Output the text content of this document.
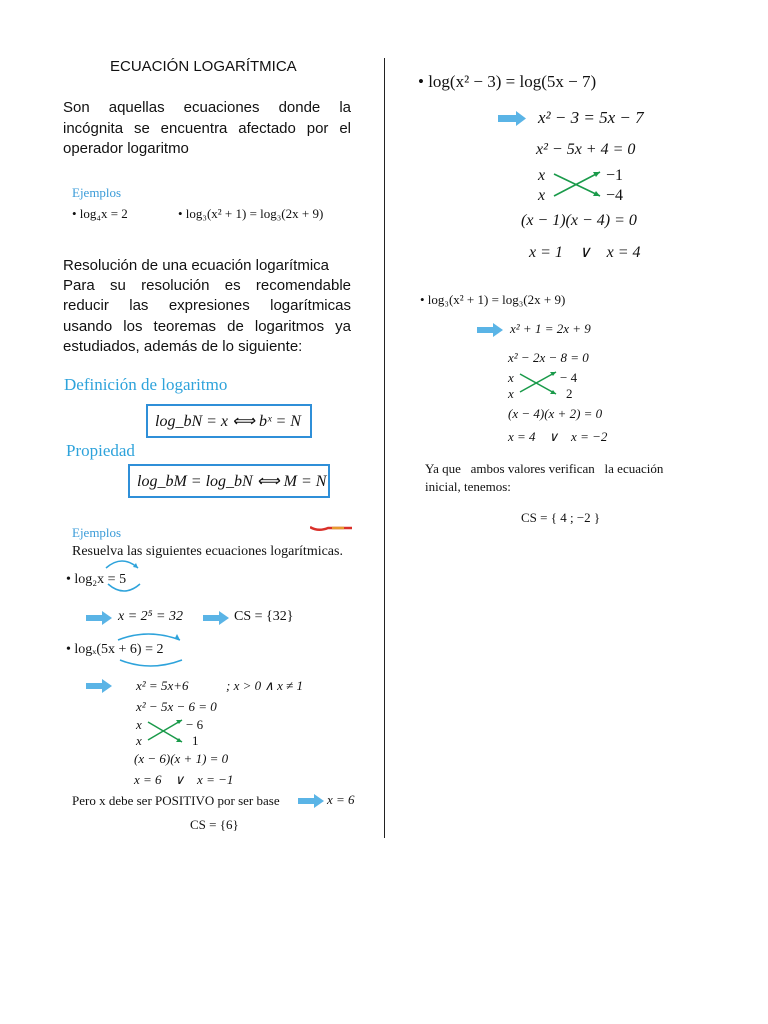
ECUACIÓN LOGARÍTMICA
Son aquellas ecuaciones donde la
incógnita se encuentra afectado por el
operador logaritmo
Ejemplos
• log₄x = 2	• log₃(x² + 1) = log₃(2x + 9)
Resolución de una ecuación logarítmica
Para su resolución es recomendable
reducir las expresiones logarítmicas
usando los teoremas de logaritmos ya
estudiados, además de lo siguiente:
Definición de logaritmo
log_bN = x ⟺ bˣ = N
Propiedad
log_bM = log_bN ⟺ M = N
Ejemplos
Resuelva las siguientes ecuaciones logarítmicas.
• log₂x = 5
x = 2⁵ = 32	CS = {32}
• logₓ(5x + 6) = 2
x² = 5x+6	; x > 0 ∧ x ≠ 1
x² − 5x − 6 = 0
x	− 6
x	1
(x − 6)(x + 1) = 0
x = 6    ∨    x = −1
Pero x debe ser POSITIVO por ser base	x = 6
CS = {6}
• log(x² − 3) = log(5x − 7)
x² − 3 = 5x − 7
x² − 5x + 4 = 0
x	−1
x	−4
(x − 1)(x − 4) = 0
x = 1    ∨    x = 4
• log₃(x² + 1) = log₃(2x + 9)
x² + 1 = 2x + 9
x² − 2x − 8 = 0
x	− 4
x	2
(x − 4)(x + 2) = 0
x = 4    ∨    x = −2
Ya que   ambos valores verifican   la ecuación
inicial, tenemos:
CS = { 4 ; −2 }
